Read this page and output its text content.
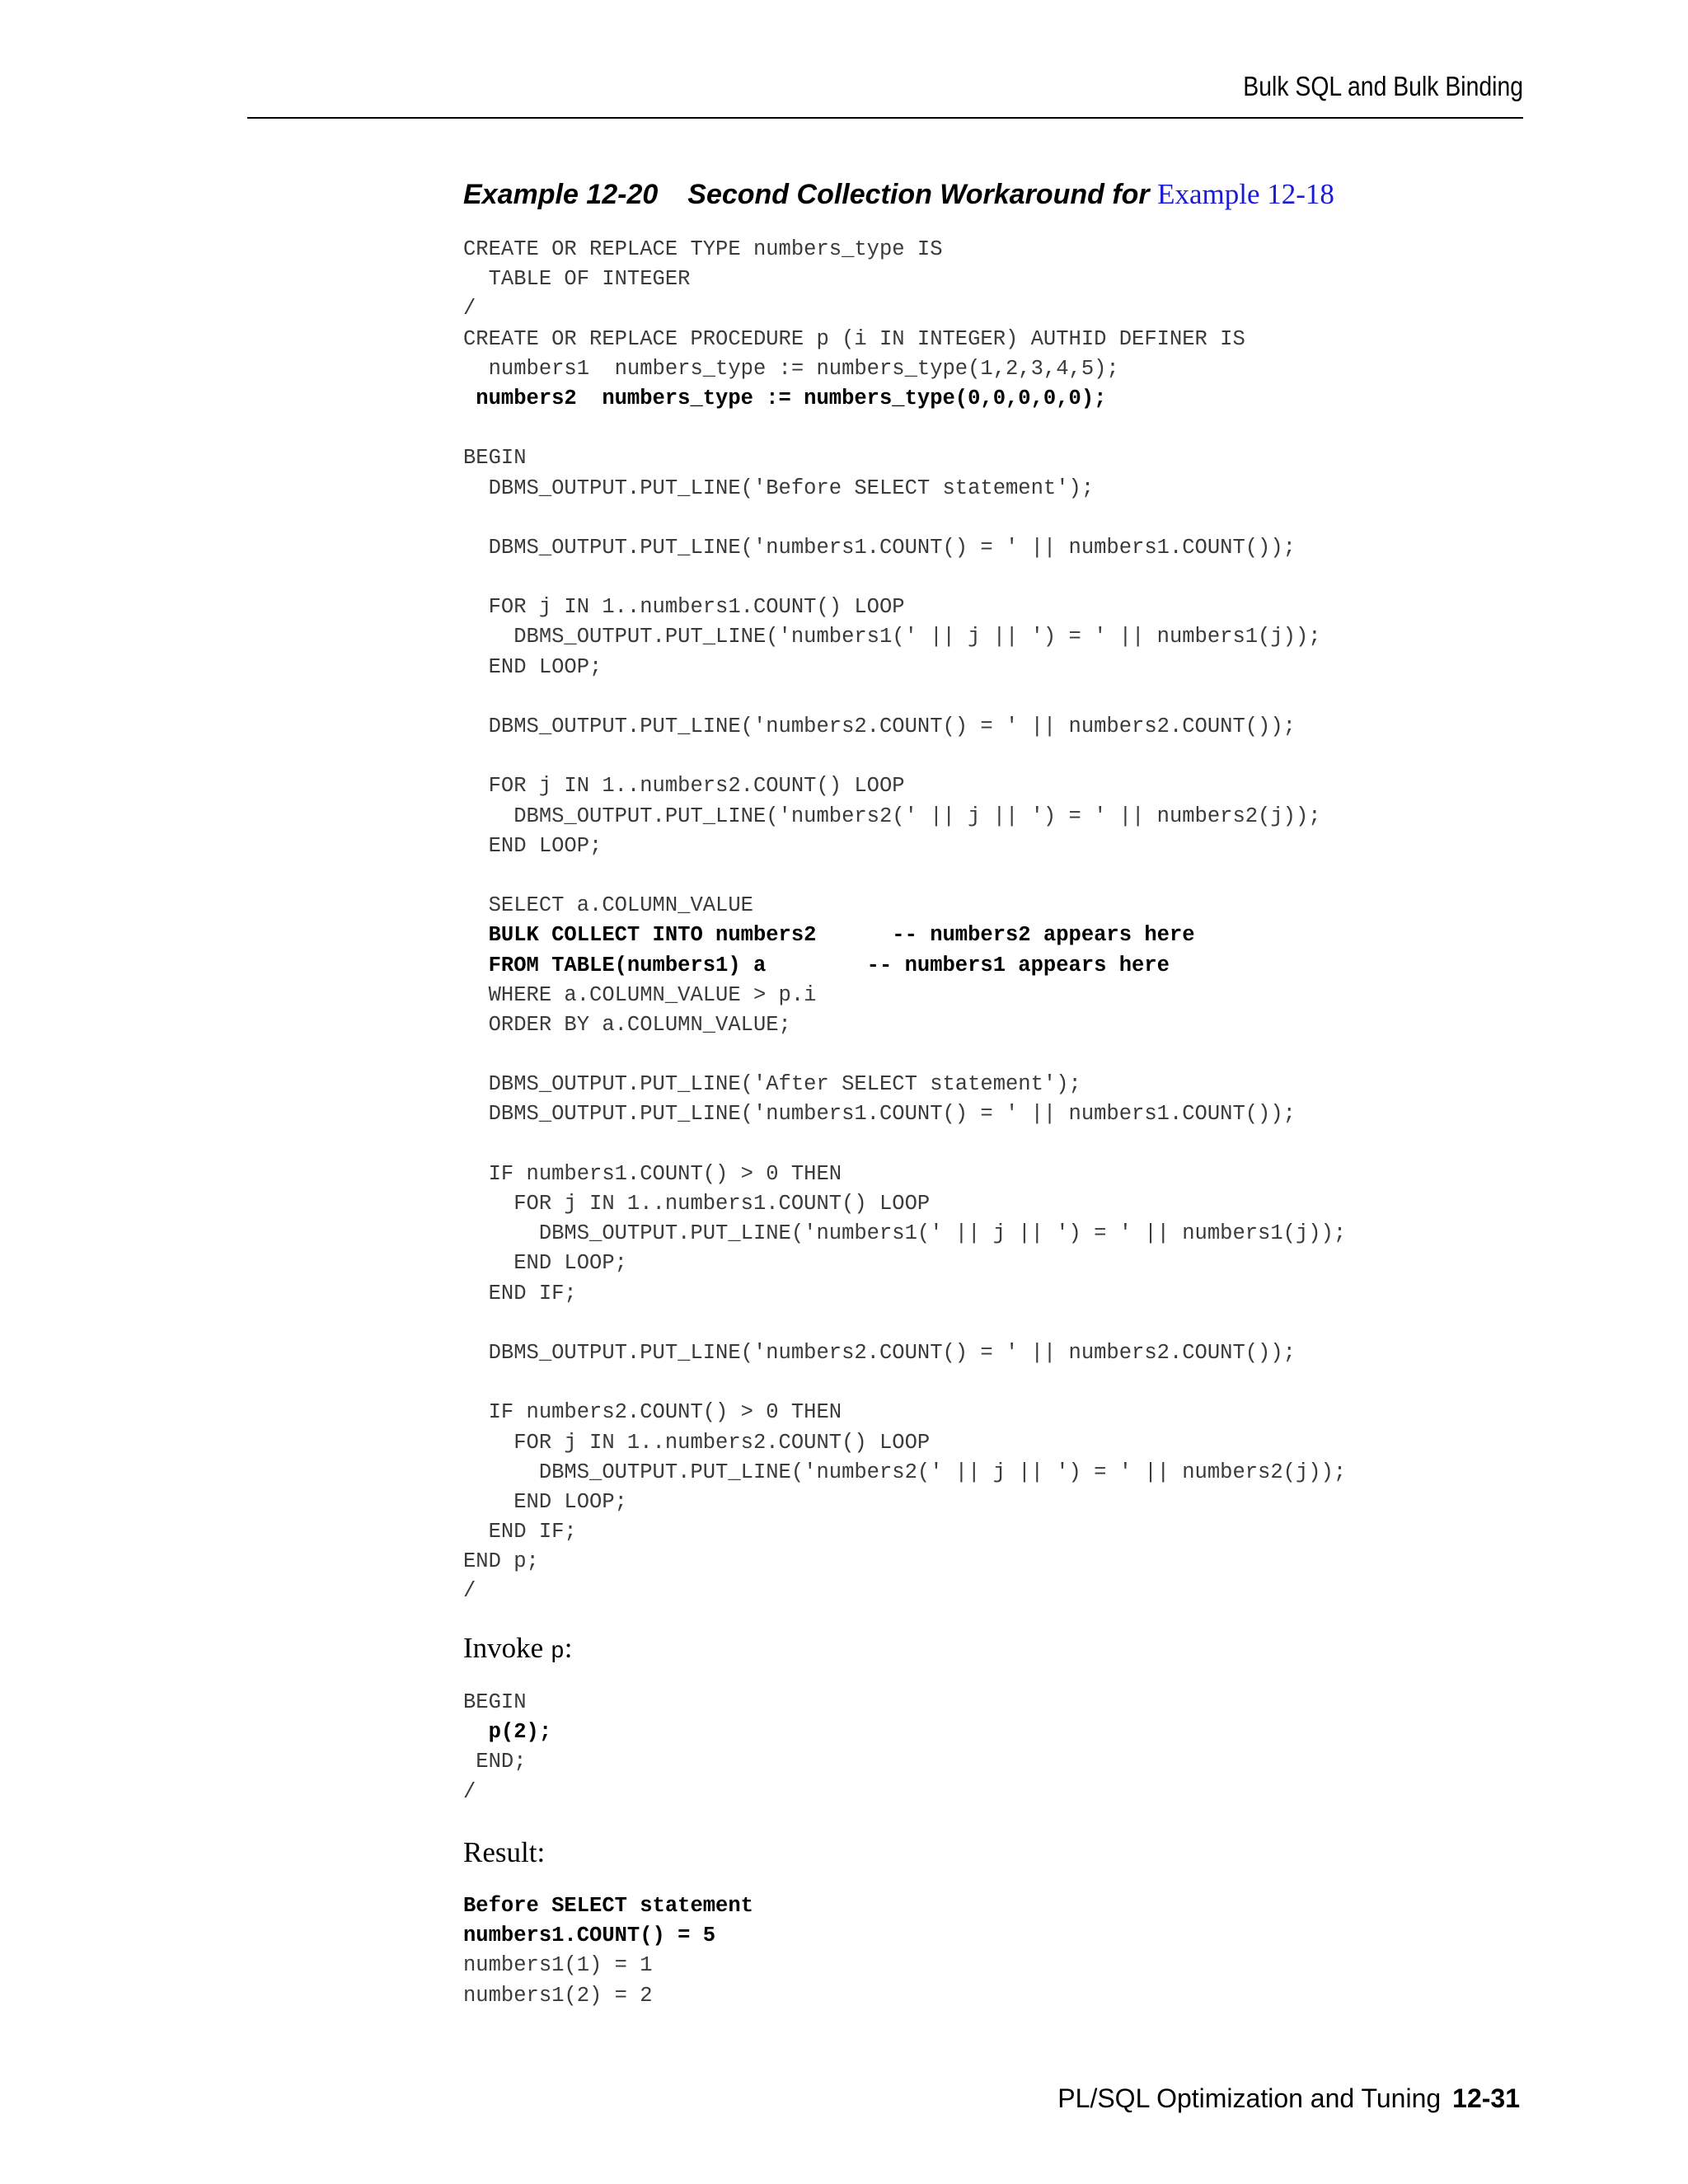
Bulk SQL and Bulk Binding
Example 12-20 Second Collection Workaround for Example 12-18
CREATE OR REPLACE TYPE numbers_type IS
TABLE OF INTEGER
/
CREATE OR REPLACE PROCEDURE p (i IN INTEGER) AUTHID DEFINER IS
numbers1  numbers_type := numbers_type(1,2,3,4,5);
numbers2  numbers_type := numbers_type(0,0,0,0,0);
BEGIN
DBMS_OUTPUT.PUT_LINE('Before SELECT statement');
DBMS_OUTPUT.PUT_LINE('numbers1.COUNT() = ' || numbers1.COUNT());
FOR j IN 1..numbers1.COUNT() LOOP
DBMS_OUTPUT.PUT_LINE('numbers1(' || j || ') = ' || numbers1(j));
END LOOP;
DBMS_OUTPUT.PUT_LINE('numbers2.COUNT() = ' || numbers2.COUNT());
FOR j IN 1..numbers2.COUNT() LOOP
DBMS_OUTPUT.PUT_LINE('numbers2(' || j || ') = ' || numbers2(j));
END LOOP;
SELECT a.COLUMN_VALUE
BULK COLLECT INTO numbers2      -- numbers2 appears here
FROM TABLE(numbers1) a        -- numbers1 appears here
WHERE a.COLUMN_VALUE > p.i
ORDER BY a.COLUMN_VALUE;
DBMS_OUTPUT.PUT_LINE('After SELECT statement');
DBMS_OUTPUT.PUT_LINE('numbers1.COUNT() = ' || numbers1.COUNT());
IF numbers1.COUNT() > 0 THEN
FOR j IN 1..numbers1.COUNT() LOOP
DBMS_OUTPUT.PUT_LINE('numbers1(' || j || ') = ' || numbers1(j));
END LOOP;
END IF;
DBMS_OUTPUT.PUT_LINE('numbers2.COUNT() = ' || numbers2.COUNT());
IF numbers2.COUNT() > 0 THEN
FOR j IN 1..numbers2.COUNT() LOOP
DBMS_OUTPUT.PUT_LINE('numbers2(' || j || ') = ' || numbers2(j));
END LOOP;
END IF;
END p;
/
Invoke p:
BEGIN
p(2);
END;
/
Result:
Before SELECT statement
numbers1.COUNT() = 5
numbers1(1) = 1
numbers1(2) = 2
PL/SQL Optimization and Tuning 12-31
